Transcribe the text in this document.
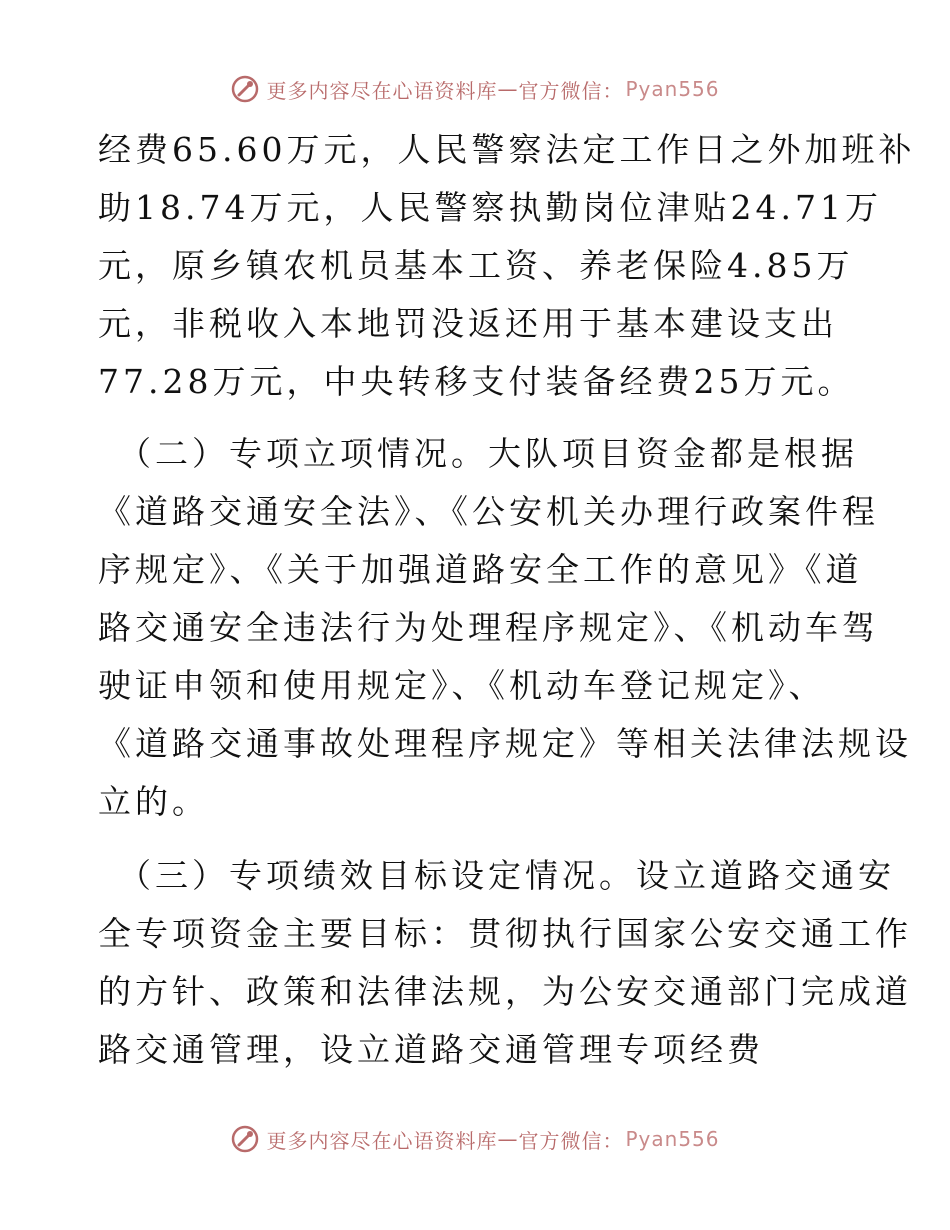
更多内容尽在心语资料库 — 官方微信： Pyan556
经费65.60万元，人民警察法定工作日之外加班补
助18.74万元，人民警察执勤岗位津贴24.71万
元，原乡镇农机员基本工资、养老保险4.85万
元，非税收入本地罚没返还用于基本建设支出
77.28万元，中央转移支付装备经费25万元。
（二）专项立项情况。大队项目资金都是根据
《道路交通安全法》、《公安机关办理行政案件程
序规定》、《关于加强道路安全工作的意见》《道
路交通安全违法行为处理程序规定》、《机动车驾
驶证申领和使用规定》、《机动车登记规定》、
《道路交通事故处理程序规定》等相关法律法规设
立的。
（三）专项绩效目标设定情况。设立道路交通安
全专项资金主要目标：贯彻执行国家公安交通工作
的方针、政策和法律法规，为公安交通部门完成道
路交通管理，设立道路交通管理专项经费
更多内容尽在心语资料库 — 官方微信： Pyan556
